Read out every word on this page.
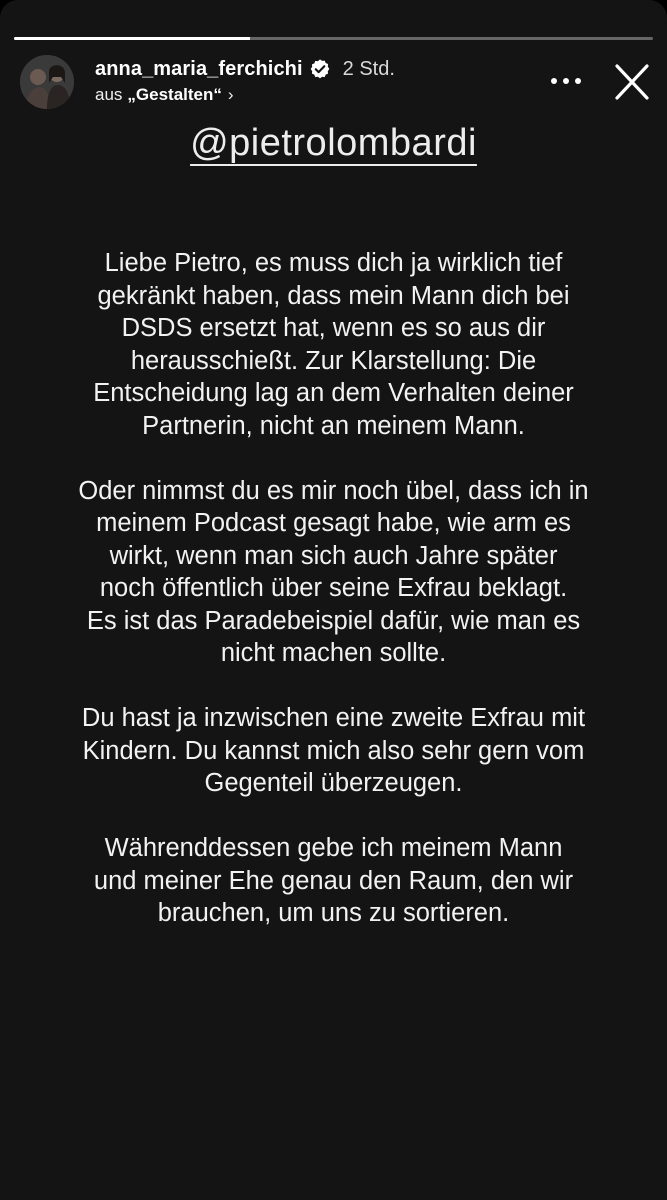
anna_maria_ferchichi 2 Std.
aus „Gestalten“ ›
@pietrolombardi
Liebe Pietro, es muss dich ja wirklich tief
gekränkt haben, dass mein Mann dich bei
DSDS ersetzt hat, wenn es so aus dir
herausschießt. Zur Klarstellung: Die
Entscheidung lag an dem Verhalten deiner
Partnerin, nicht an meinem Mann.
Oder nimmst du es mir noch übel, dass ich in
meinem Podcast gesagt habe, wie arm es
wirkt, wenn man sich auch Jahre später
noch öffentlich über seine Exfrau beklagt.
Es ist das Paradebeispiel dafür, wie man es
nicht machen sollte.
Du hast ja inzwischen eine zweite Exfrau mit
Kindern. Du kannst mich also sehr gern vom
Gegenteil überzeugen.
Währenddessen gebe ich meinem Mann
und meiner Ehe genau den Raum, den wir
brauchen, um uns zu sortieren.
